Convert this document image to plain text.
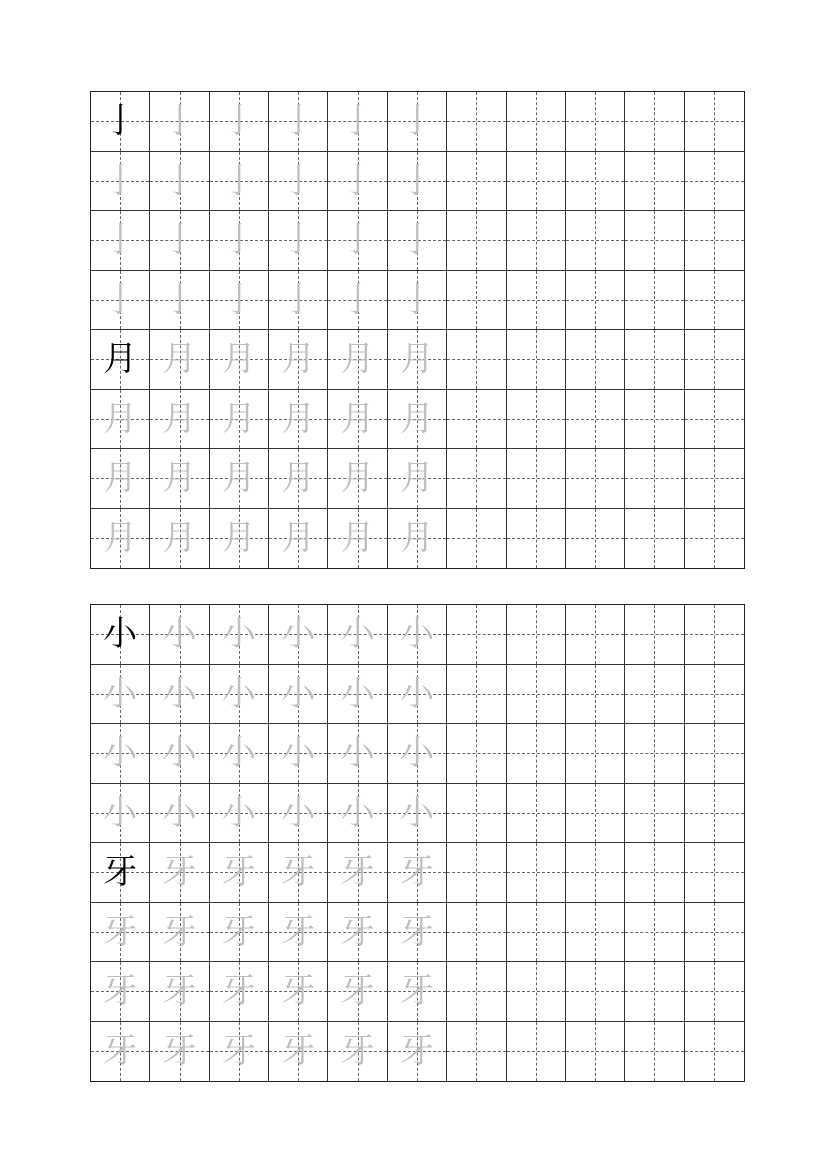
亅 亅 亅 亅 亅 亅
亅 亅 亅 亅 亅 亅
亅 亅 亅 亅 亅 亅
亅 亅 亅 亅 亅 亅
月 月 月 月 月 月
月 月 月 月 月 月
月 月 月 月 月 月
月 月 月 月 月 月
小 小 小 小 小 小
小 小 小 小 小 小
小 小 小 小 小 小
小 小 小 小 小 小
牙 牙 牙 牙 牙 牙
牙 牙 牙 牙 牙 牙
牙 牙 牙 牙 牙 牙
牙 牙 牙 牙 牙 牙
